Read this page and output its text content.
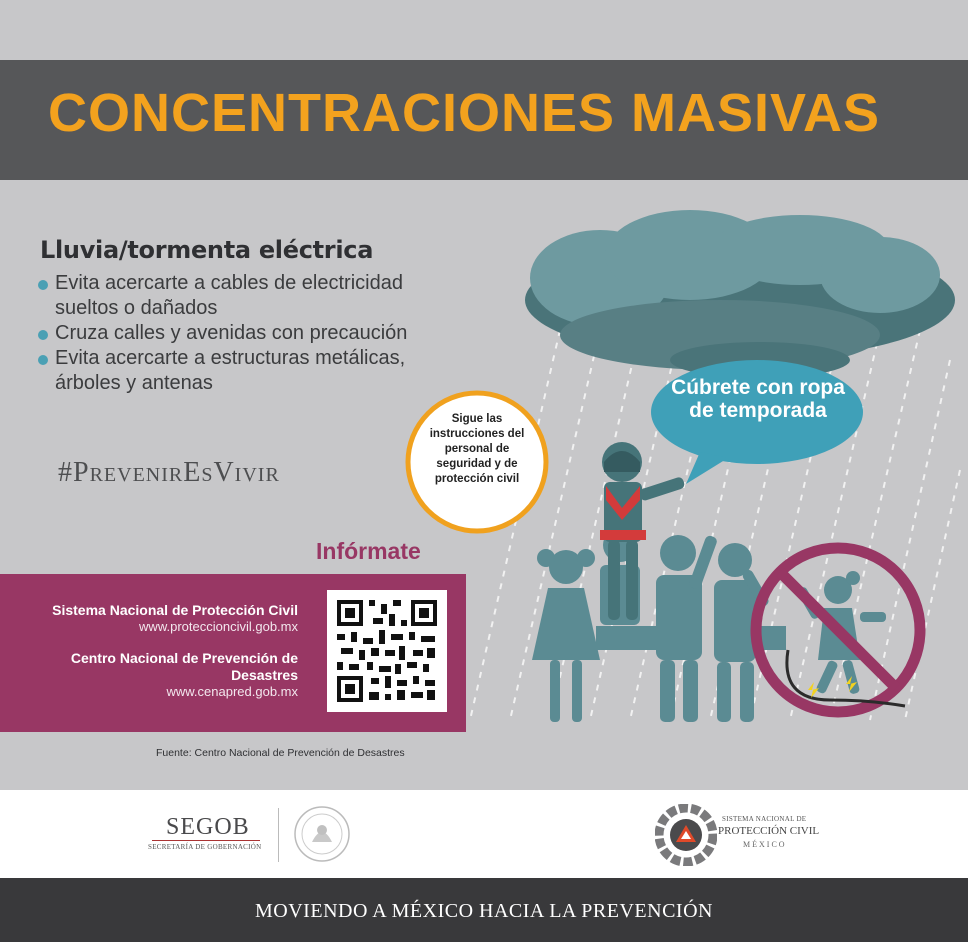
CONCENTRACIONES MASIVAS
Lluvia/tormenta eléctrica
Evita acercarte a cables de electricidad sueltos o dañados
Cruza calles y avenidas con precaución
Evita acercarte a estructuras metálicas, árboles y antenas
#PrevenirEsVivir
Cúbrete con ropa de temporada
Sigue las instrucciones del personal de seguridad y de protección civil
Infórmate
Sistema Nacional de Protección Civil
www.proteccioncivil.gob.mx
Centro Nacional de Prevención de Desastres
www.cenapred.gob.mx
Fuente: Centro Nacional de Prevención de Desastres
SEGOB
SECRETARÍA DE GOBERNACIÓN
SISTEMA NACIONAL DE
PROTECCIÓN CIVIL
MÉXICO
MOVIENDO A MÉXICO HACIA LA PREVENCIÓN
